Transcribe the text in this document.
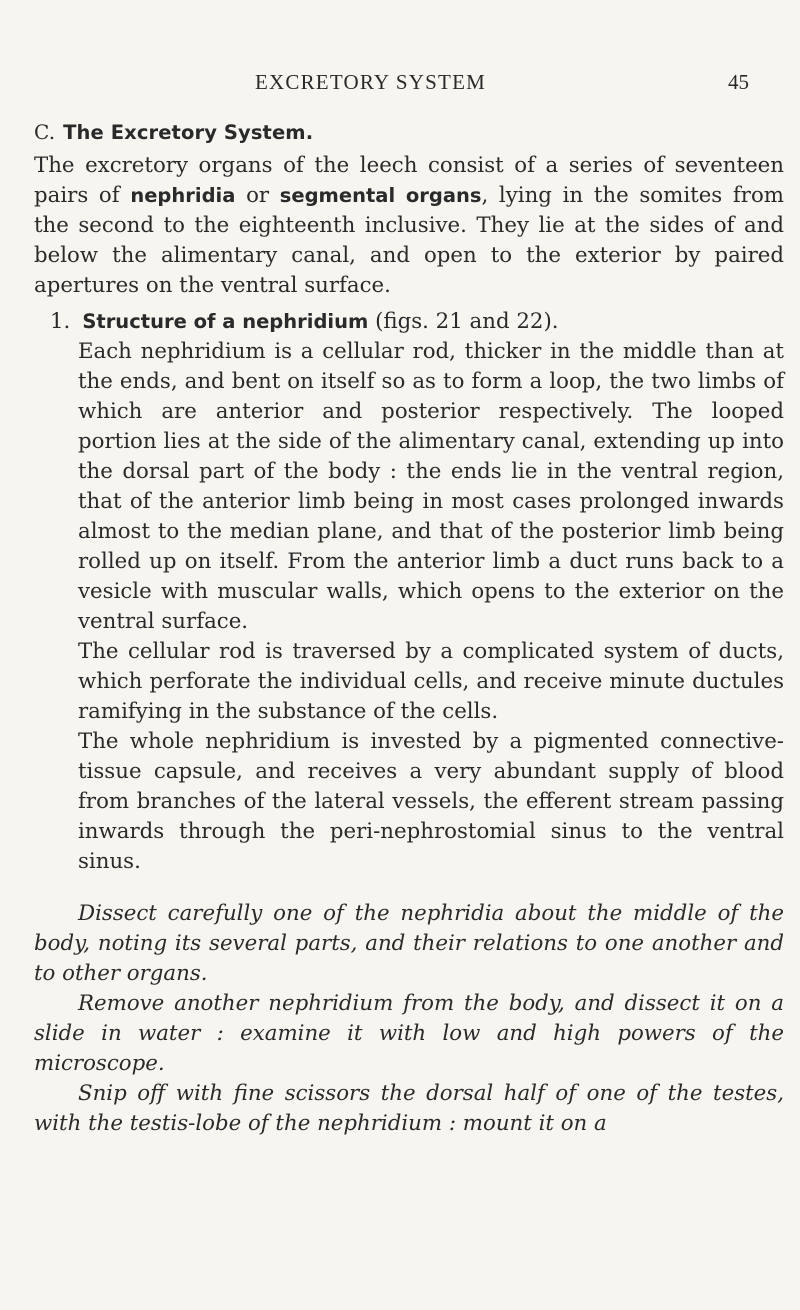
EXCRETORY SYSTEM	45

C. The Excretory System.

The excretory organs of the leech consist of a series of seventeen pairs of nephridia or segmental organs, lying in the somites from the second to the eighteenth inclusive. They lie at the sides of and below the alimentary canal, and open to the exterior by paired apertures on the ventral surface.

1. Structure of a nephridium (figs. 21 and 22).

Each nephridium is a cellular rod, thicker in the middle than at the ends, and bent on itself so as to form a loop, the two limbs of which are anterior and posterior respectively. The looped portion lies at the side of the alimentary canal, extending up into the dorsal part of the body : the ends lie in the ventral region, that of the anterior limb being in most cases prolonged inwards almost to the median plane, and that of the posterior limb being rolled up on itself. From the anterior limb a duct runs back to a vesicle with muscular walls, which opens to the exterior on the ventral surface.

The cellular rod is traversed by a complicated system of ducts, which perforate the individual cells, and receive minute ductules ramifying in the substance of the cells.

The whole nephridium is invested by a pigmented connective-tissue capsule, and receives a very abundant supply of blood from branches of the lateral vessels, the efferent stream passing inwards through the peri-nephrostomial sinus to the ventral sinus.

Dissect carefully one of the nephridia about the middle of the body, noting its several parts, and their relations to one another and to other organs.

Remove another nephridium from the body, and dissect it on a slide in water : examine it with low and high powers of the microscope.

Snip off with fine scissors the dorsal half of one of the testes, with the testis-lobe of the nephridium : mount it on a
